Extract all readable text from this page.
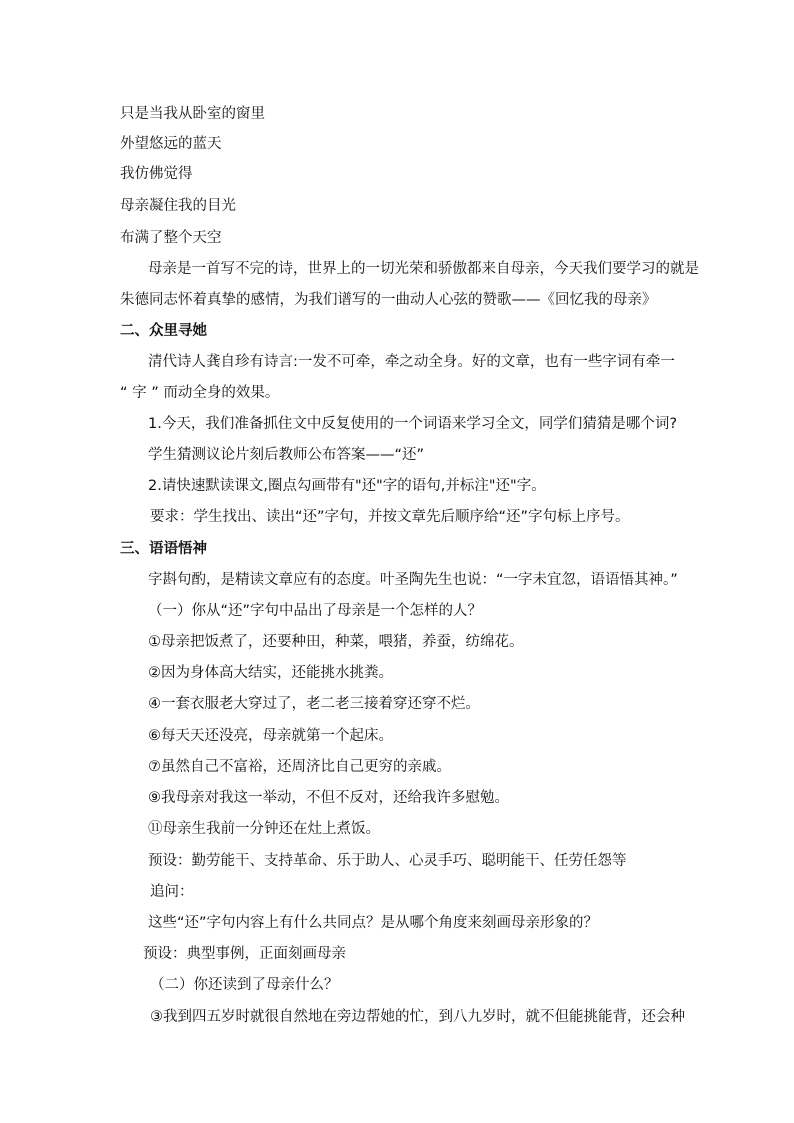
只是当我从卧室的窗里
外望悠远的蓝天
我仿佛觉得
母亲凝住我的目光
布满了整个天空
母亲是一首写不完的诗，世界上的一切光荣和骄傲都来自母亲，今天我们要学习的就是
朱德同志怀着真挚的感情，为我们谱写的一曲动人心弦的赞歌——《回忆我的母亲》
二、众里寻她
清代诗人龚自珍有诗言:一发不可牵，牵之动全身。好的文章，也有一些字词有牵一
“ 字 ” 而动全身的效果。
1.今天，我们准备抓住文中反复使用的一个词语来学习全文，同学们猜猜是哪个词?
学生猜测议论片刻后教师公布答案——“还”
2.请快速默读课文,圈点勾画带有"还"字的语句,并标注"还"字。
要求：学生找出、读出“还”字句，并按文章先后顺序给“还”字句标上序号。
三、语语悟神
字斟句酌，是精读文章应有的态度。叶圣陶先生也说：“一字未宜忽，语语悟其神。”
（一）你从“还”字句中品出了母亲是一个怎样的人？
①母亲把饭煮了，还要种田，种菜，喂猪，养蚕，纺绵花。
②因为身体高大结实，还能挑水挑粪。
④一套衣服老大穿过了，老二老三接着穿还穿不烂。
⑥每天天还没亮，母亲就第一个起床。
⑦虽然自己不富裕，还周济比自己更穷的亲戚。
⑨我母亲对我这一举动，不但不反对，还给我许多慰勉。
⑪母亲生我前一分钟还在灶上煮饭。
预设：勤劳能干、支持革命、乐于助人、心灵手巧、聪明能干、任劳任怨等
追问：
这些“还”字句内容上有什么共同点？是从哪个角度来刻画母亲形象的？
预设：典型事例，正面刻画母亲
（二）你还读到了母亲什么？
③我到四五岁时就很自然地在旁边帮她的忙，到八九岁时，就不但能挑能背，还会种
